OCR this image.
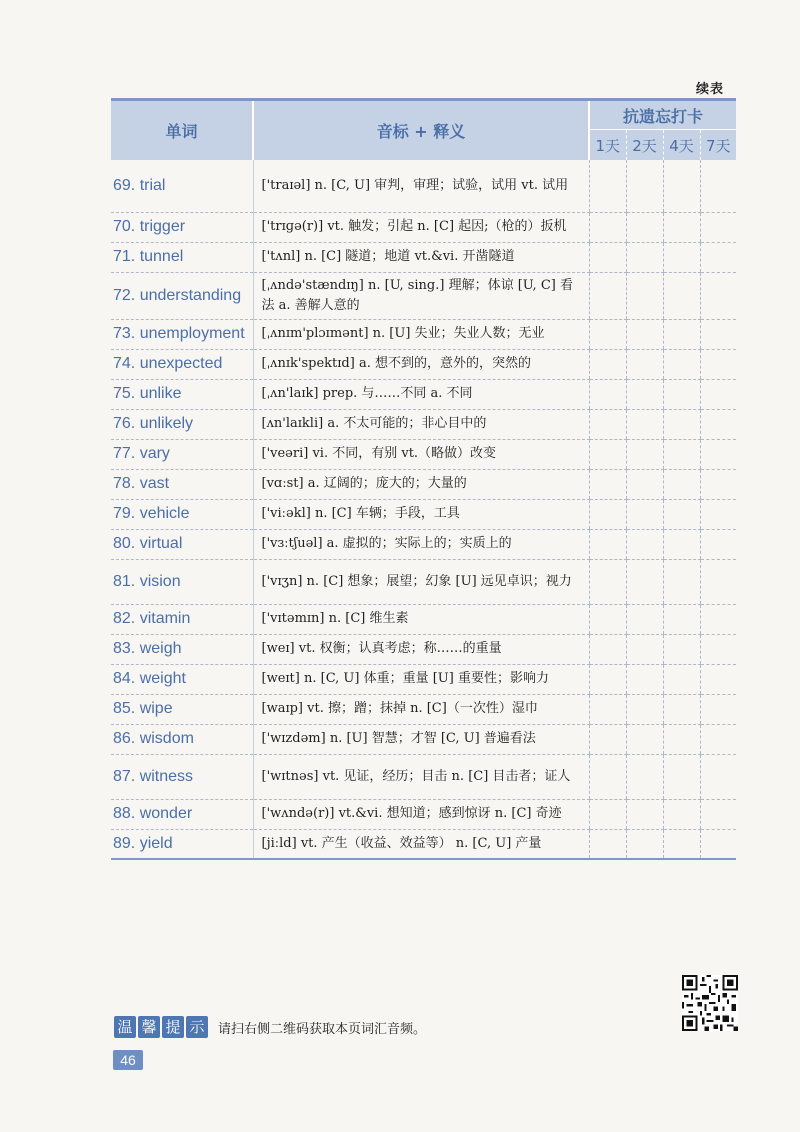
续表
单词	音标 + 释义	抗遗忘打卡			
		1天	2天	4天	7天
69. trial	['traɪəl] n. [C, U] 审判，审理；试验，试用 vt. 试用				
70. trigger	['trɪɡə(r)] vt. 触发；引起 n. [C] 起因;（枪的）扳机				
71. tunnel	['tʌnl] n. [C] 隧道；地道 vt.&vi. 开凿隧道				
72. understanding	[ˌʌndə'stændɪŋ] n. [U, sing.] 理解；体谅 [U, C] 看法 a. 善解人意的				
73. unemployment	[ˌʌnɪm'plɔɪmənt] n. [U] 失业；失业人数；无业				
74. unexpected	[ˌʌnɪk'spektɪd] a. 想不到的，意外的，突然的				
75. unlike	[ˌʌn'laɪk] prep. 与……不同 a. 不同				
76. unlikely	[ʌn'laɪkli] a. 不太可能的；非心目中的				
77. vary	['veəri] vi. 不同，有别 vt.（略做）改变				
78. vast	[vɑːst] a. 辽阔的；庞大的；大量的				
79. vehicle	['viːəkl] n. [C] 车辆；手段，工具				
80. virtual	['vɜːtʃuəl] a. 虚拟的；实际上的；实质上的				
81. vision	['vɪʒn] n. [C] 想象；展望；幻象 [U] 远见卓识；视力				
82. vitamin	['vɪtəmɪn] n. [C] 维生素				
83. weigh	[weɪ] vt. 权衡；认真考虑；称……的重量				
84. weight	[weɪt] n. [C, U] 体重；重量 [U] 重要性；影响力				
85. wipe	[waɪp] vt. 擦；蹭；抹掉 n. [C]（一次性）湿巾				
86. wisdom	['wɪzdəm] n. [U] 智慧；才智 [C, U] 普遍看法				
87. witness	['wɪtnəs] vt. 见证，经历；目击 n. [C] 目击者；证人				
88. wonder	['wʌndə(r)] vt.&vi. 想知道；感到惊讶 n. [C] 奇迹				
89. yield	[jiːld] vt. 产生（收益、效益等） n. [C, U] 产量				
温 馨 提 示 请扫右侧二维码获取本页词汇音频。
46
